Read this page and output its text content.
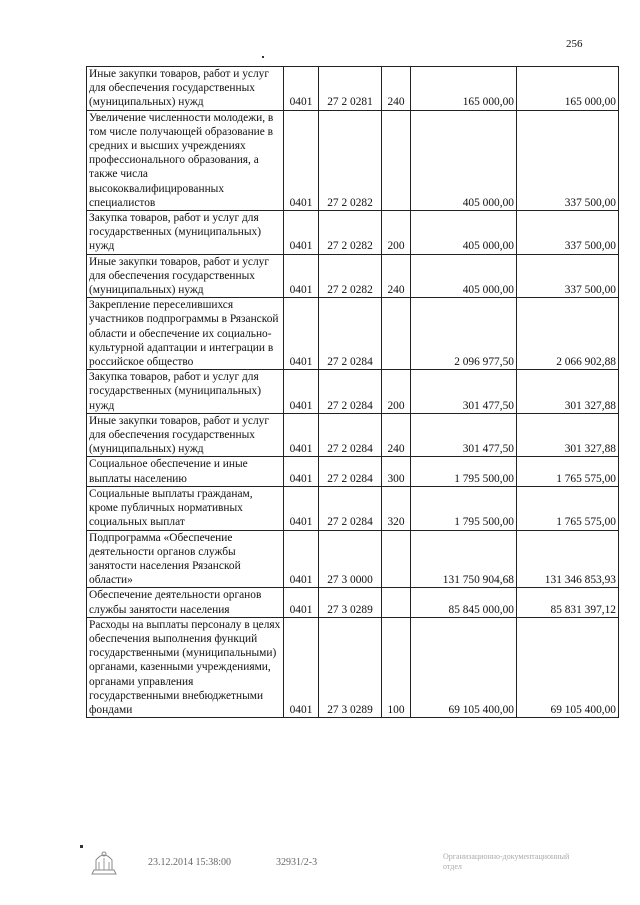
256
Иные закупки товаров, работ и услуг для обеспечения государственных (муниципальных) нужд	0401	27 2 0281	240	165 000,00	165 000,00
Увеличение численности молодежи, в том числе получающей образование в средних и высших учреждениях профессионального образования, а также числа высококвалифицированных специалистов	0401	27 2 0282		405 000,00	337 500,00
Закупка товаров, работ и услуг для государственных (муниципальных) нужд	0401	27 2 0282	200	405 000,00	337 500,00
Иные закупки товаров, работ и услуг для обеспечения государственных (муниципальных) нужд	0401	27 2 0282	240	405 000,00	337 500,00
Закрепление переселившихся участников подпрограммы в Рязанской области и обеспечение их социально-культурной адаптации и интеграции в российское общество	0401	27 2 0284		2 096 977,50	2 066 902,88
Закупка товаров, работ и услуг для государственных (муниципальных) нужд	0401	27 2 0284	200	301 477,50	301 327,88
Иные закупки товаров, работ и услуг для обеспечения государственных (муниципальных) нужд	0401	27 2 0284	240	301 477,50	301 327,88
Социальное обеспечение и иные выплаты населению	0401	27 2 0284	300	1 795 500,00	1 765 575,00
Социальные выплаты гражданам, кроме публичных нормативных социальных выплат	0401	27 2 0284	320	1 795 500,00	1 765 575,00
Подпрограмма «Обеспечение деятельности органов службы занятости населения Рязанской области»	0401	27 3 0000		131 750 904,68	131 346 853,93
Обеспечение деятельности органов службы занятости населения	0401	27 3 0289		85 845 000,00	85 831 397,12
Расходы на выплаты персоналу в целях обеспечения выполнения функций государственными (муниципальными) органами, казенными учреждениями, органами управления государственными внебюджетными фондами	0401	27 3 0289	100	69 105 400,00	69 105 400,00
23.12.2014 15:38:00	32931/2-3
Организационно-документационный отдел
